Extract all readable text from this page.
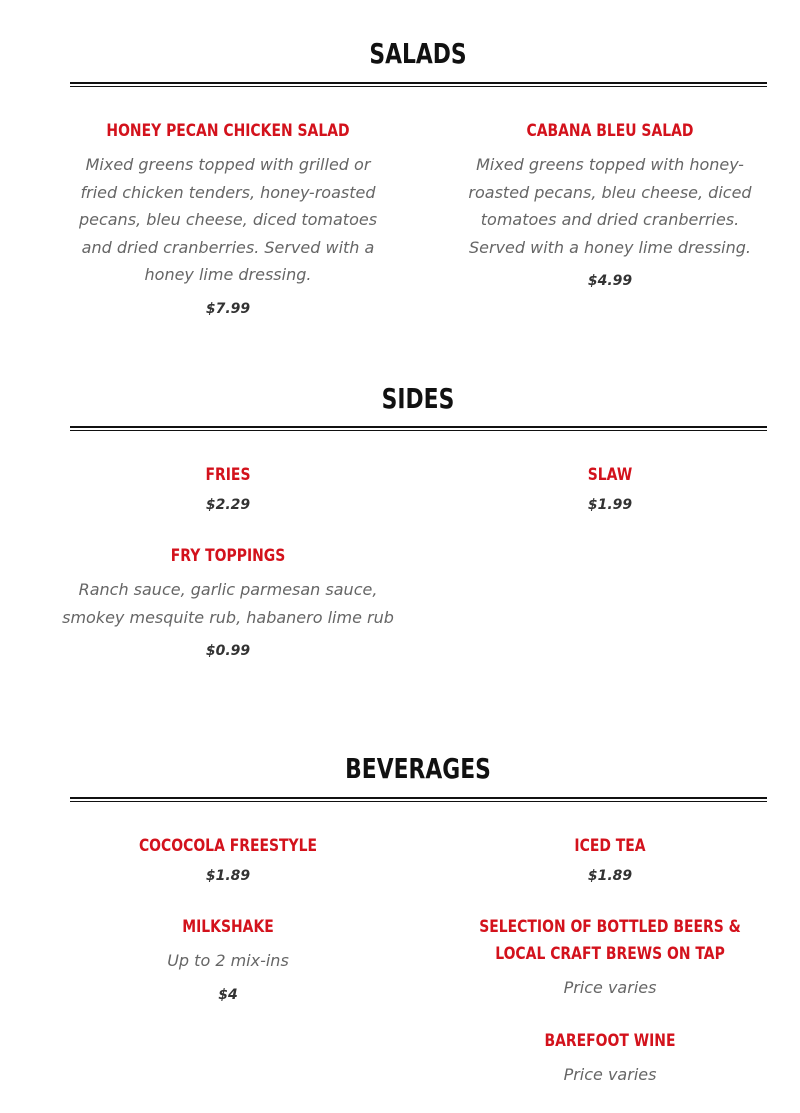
SALADS
HONEY PECAN CHICKEN SALAD
Mixed greens topped with grilled or fried chicken tenders, honey-roasted pecans, bleu cheese, diced tomatoes and dried cranberries. Served with a honey lime dressing.
$7.99
CABANA BLEU SALAD
Mixed greens topped with honey-roasted pecans, bleu cheese, diced tomatoes and dried cranberries. Served with a honey lime dressing.
$4.99
SIDES
FRIES
$2.29
FRY TOPPINGS
Ranch sauce, garlic parmesan sauce, smokey mesquite rub, habanero lime rub
$0.99
SLAW
$1.99
BEVERAGES
COCOCOLA FREESTYLE
$1.89
MILKSHAKE
Up to 2 mix-ins
$4
ICED TEA
$1.89
SELECTION OF BOTTLED BEERS & LOCAL CRAFT BREWS ON TAP
Price varies
BAREFOOT WINE
Price varies
